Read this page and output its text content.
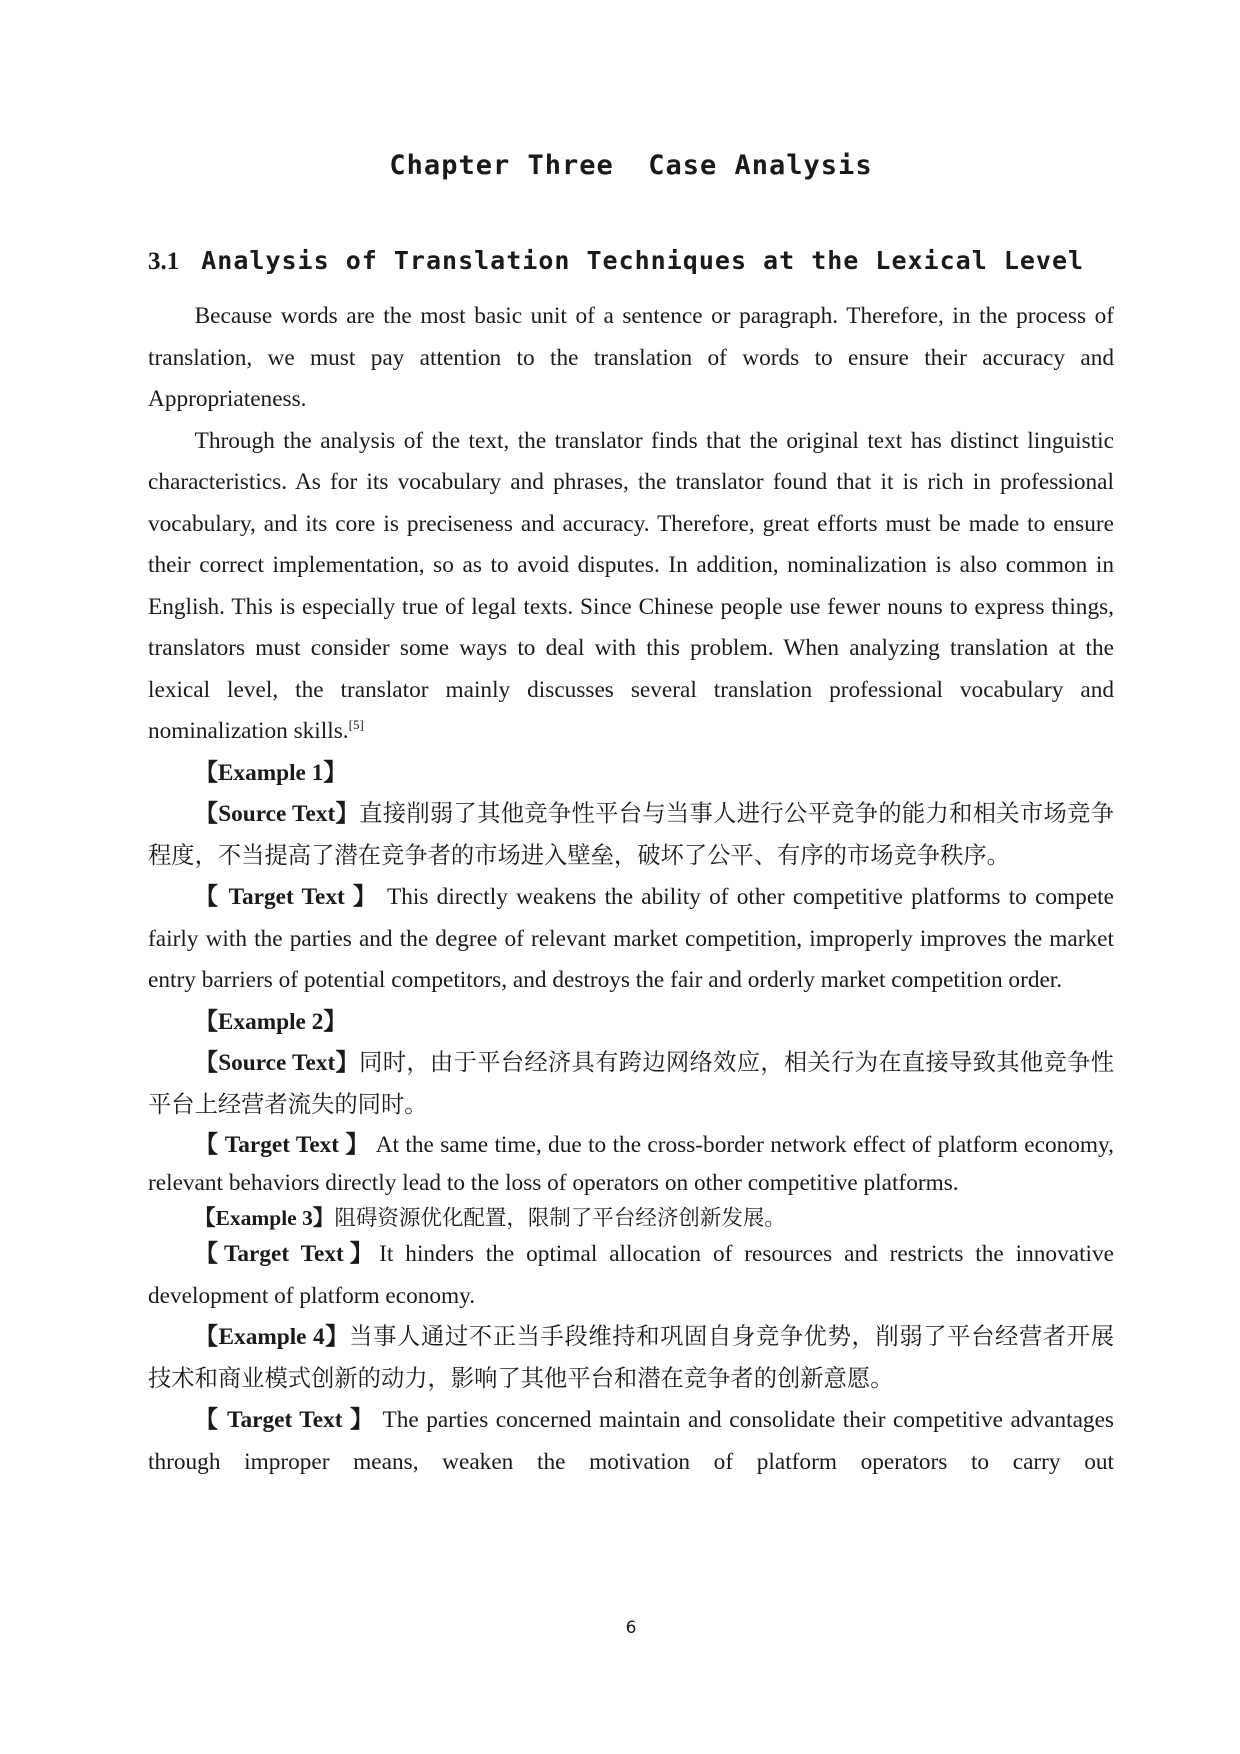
Chapter Three  Case Analysis
3.1 Analysis of Translation Techniques at the Lexical Level

Because words are the most basic unit of a sentence or paragraph. Therefore, in the process of translation, we must pay attention to the translation of words to ensure their accuracy and Appropriateness.

Through the analysis of the text, the translator finds that the original text has distinct linguistic characteristics. As for its vocabulary and phrases, the translator found that it is rich in professional vocabulary, and its core is preciseness and accuracy. Therefore, great efforts must be made to ensure their correct implementation, so as to avoid disputes. In addition, nominalization is also common in English. This is especially true of legal texts. Since Chinese people use fewer nouns to express things, translators must consider some ways to deal with this problem. When analyzing translation at the lexical level, the translator mainly discusses several translation professional vocabulary and

nominalization skills.[5]

【Example 1】

【Source Text】直接削弱了其他竞争性平台与当事人进行公平竞争的能力和相关市场竞争程度，不当提高了潜在竞争者的市场进入壁垒，破坏了公平、有序的市场竞争秩序。

【 Target Text 】 This directly weakens the ability of other competitive platforms to compete fairly with the parties and the degree of relevant market competition, improperly improves the market entry barriers of potential competitors, and destroys the fair and orderly market competition order.

【Example 2】

【Source Text】同时，由于平台经济具有跨边网络效应，相关行为在直接导致其他竞争性平台上经营者流失的同时。

【 Target Text 】 At the same time, due to the cross-border network effect of platform economy, relevant behaviors directly lead to the loss of operators on other competitive platforms.

【Example 3】阻碍资源优化配置，限制了平台经济创新发展。

【Target Text】It hinders the optimal allocation of resources and restricts the innovative development of platform economy.

【Example 4】当事人通过不正当手段维持和巩固自身竞争优势，削弱了平台经营者开展技术和商业模式创新的动力，影响了其他平台和潜在竞争者的创新意愿。

【 Target Text 】 The parties concerned maintain and consolidate their competitive advantages through improper means, weaken the motivation of platform operators to carry out

6
